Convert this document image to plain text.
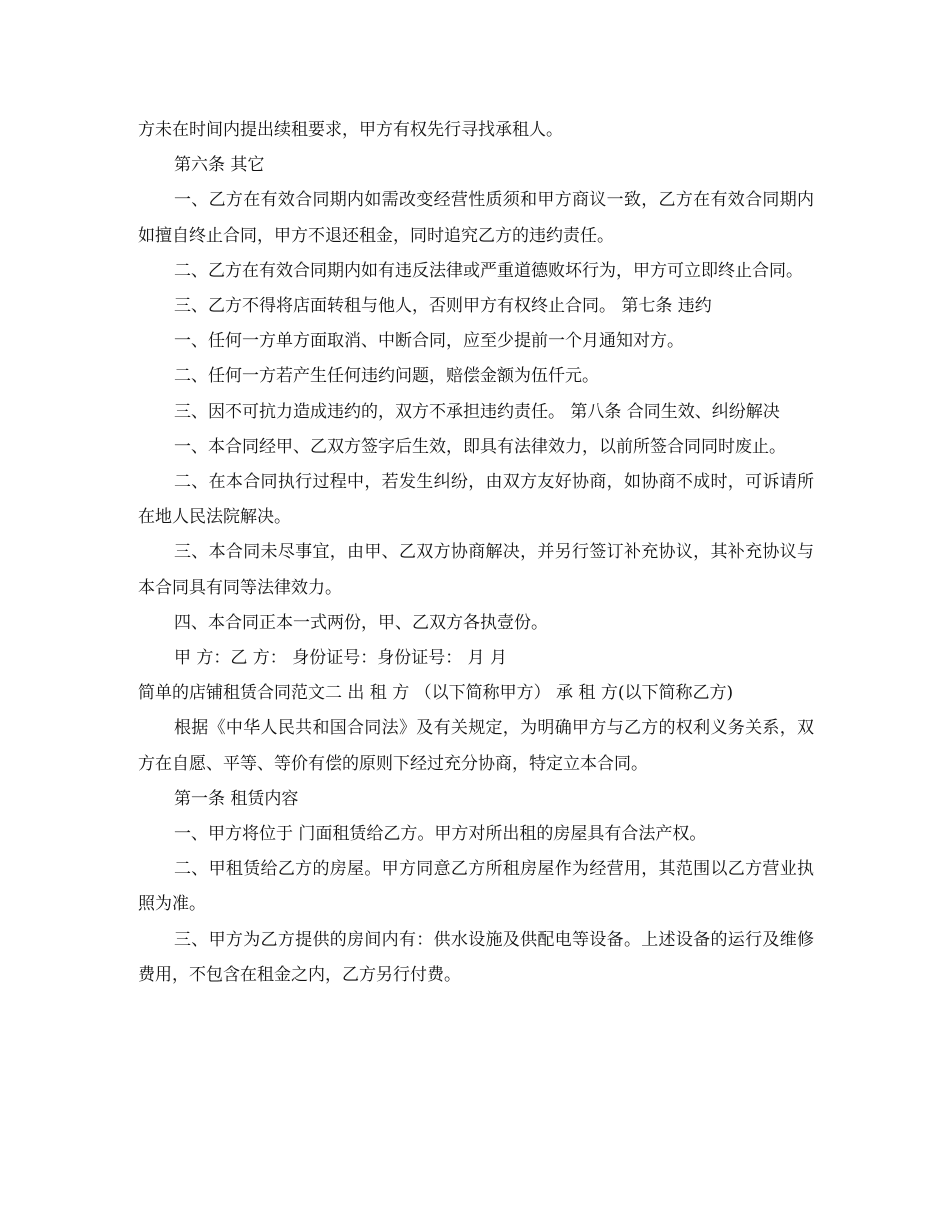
方未在时间内提出续租要求，甲方有权先行寻找承租人。

第六条 其它

一、乙方在有效合同期内如需改变经营性质须和甲方商议一致，乙方在有效合同期内如擅自终止合同，甲方不退还租金，同时追究乙方的违约责任。

二、乙方在有效合同期内如有违反法律或严重道德败坏行为，甲方可立即终止合同。

三、乙方不得将店面转租与他人，否则甲方有权终止合同。 第七条 违约

一、任何一方单方面取消、中断合同，应至少提前一个月通知对方。

二、任何一方若产生任何违约问题，赔偿金额为伍仟元。

三、因不可抗力造成违约的，双方不承担违约责任。 第八条 合同生效、纠纷解决

一、本合同经甲、乙双方签字后生效，即具有法律效力，以前所签合同同时废止。

二、在本合同执行过程中，若发生纠纷，由双方友好协商，如协商不成时，可诉请所在地人民法院解决。

三、本合同未尽事宜，由甲、乙双方协商解决，并另行签订补充协议，其补充协议与本合同具有同等法律效力。

四、本合同正本一式两份，甲、乙双方各执壹份。

甲 方：乙 方： 身份证号：身份证号： 月 月

简单的店铺租赁合同范文二 出 租 方 （以下简称甲方） 承 租 方(以下简称乙方)

根据《中华人民共和国合同法》及有关规定，为明确甲方与乙方的权利义务关系，双方在自愿、平等、等价有偿的原则下经过充分协商，特定立本合同。

第一条 租赁内容

一、甲方将位于 门面租赁给乙方。甲方对所出租的房屋具有合法产权。

二、甲租赁给乙方的房屋。甲方同意乙方所租房屋作为经营用，其范围以乙方营业执照为准。

三、甲方为乙方提供的房间内有：供水设施及供配电等设备。上述设备的运行及维修费用，不包含在租金之内，乙方另行付费。
